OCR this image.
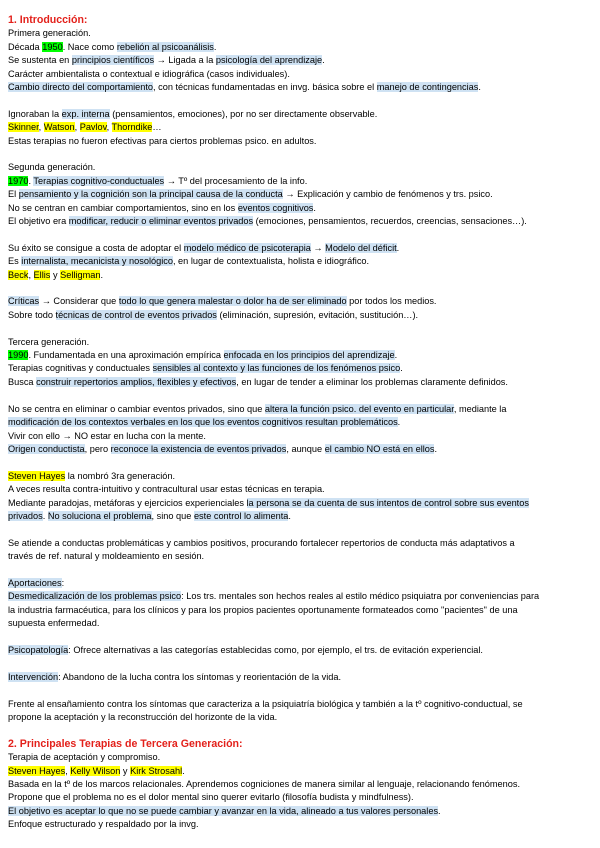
1. Introducción:
Primera generación.
Década 1950. Nace como rebelión al psicoanálisis.
Se sustenta en principios científicos → Ligada a la psicología del aprendizaje.
Carácter ambientalista o contextual e idiográfica (casos individuales).
Cambio directo del comportamiento, con técnicas fundamentadas en invg. básica sobre el manejo de contingencias.
Ignoraban la exp. interna (pensamientos, emociones), por no ser directamente observable.
Skinner, Watson, Pavlov, Thorndike…
Estas terapias no fueron efectivas para ciertos problemas psico. en adultos.
Segunda generación.
1970. Terapias cognitivo-conductuales → Tº del procesamiento de la info.
El pensamiento y la cognición son la principal causa de la conducta → Explicación y cambio de fenómenos y trs. psico.
No se centran en cambiar comportamientos, sino en los eventos cognitivos.
El objetivo era modificar, reducir o eliminar eventos privados (emociones, pensamientos, recuerdos, creencias, sensaciones…).
Su éxito se consigue a costa de adoptar el modelo médico de psicoterapia → Modelo del déficit.
Es internalista, mecanicista y nosológico, en lugar de contextualista, holista e idiográfico.
Beck, Ellis y Selligman.
Críticas → Considerar que todo lo que genera malestar o dolor ha de ser eliminado por todos los medios.
Sobre todo técnicas de control de eventos privados (eliminación, supresión, evitación, sustitución…).
Tercera generación.
1990. Fundamentada en una aproximación empírica enfocada en los principios del aprendizaje.
Terapias cognitivas y conductuales sensibles al contexto y las funciones de los fenómenos psico.
Busca construir repertorios amplios, flexibles y efectivos, en lugar de tender a eliminar los problemas claramente definidos.
No se centra en eliminar o cambiar eventos privados, sino que altera la función psico. del evento en particular, mediante la
modificación de los contextos verbales en los que los eventos cognitivos resultan problemáticos.
Vivir con ello → NO estar en lucha con la mente.
Origen conductista, pero reconoce la existencia de eventos privados, aunque el cambio NO está en ellos.
Steven Hayes la nombró 3ra generación.
A veces resulta contra-intuitivo y contracultural usar estas técnicas en terapia.
Mediante paradojas, metáforas y ejercicios experienciales la persona se da cuenta de sus intentos de control sobre sus eventos
privados. No soluciona el problema, sino que este control lo alimenta.
Se atiende a conductas problemáticas y cambios positivos, procurando fortalecer repertorios de conducta más adaptativos a
través de ref. natural y moldeamiento en sesión.
Aportaciones:
Desmedicalización de los problemas psico: Los trs. mentales son hechos reales al estilo médico psiquiatra por conveniencias para
la industria farmacéutica, para los clínicos y para los propios pacientes oportunamente formateados como "pacientes" de una
supuesta enfermedad.
Psicopatología: Ofrece alternativas a las categorías establecidas como, por ejemplo, el trs. de evitación experiencial.
Intervención: Abandono de la lucha contra los síntomas y reorientación de la vida.
Frente al ensañamiento contra los síntomas que caracteriza a la psiquiatría biológica y también a la tº cognitivo-conductual, se
propone la aceptación y la reconstrucción del horizonte de la vida.
2. Principales Terapias de Tercera Generación:
Terapia de aceptación y compromiso.
Steven Hayes, Kelly Wilson y Kirk Strosahl.
Basada en la tº de los marcos relacionales. Aprendemos cogniciones de manera similar al lenguaje, relacionando fenómenos.
Propone que el problema no es el dolor mental sino querer evitarlo (filosofía budista y mindfulness).
El objetivo es aceptar lo que no se puede cambiar y avanzar en la vida, alineado a tus valores personales.
Enfoque estructurado y respaldado por la invg.
